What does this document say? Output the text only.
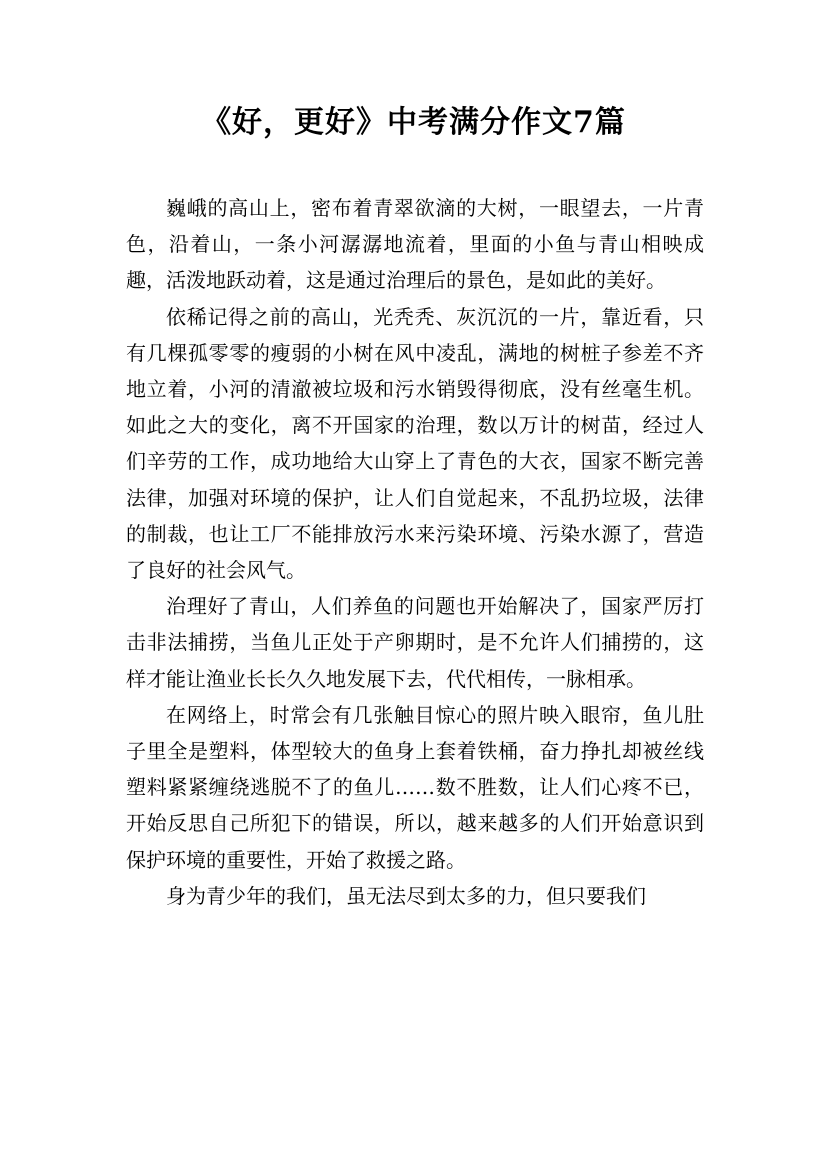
《好，更好》中考满分作文7篇

巍峨的高山上，密布着青翠欲滴的大树，一眼望去，一片青色，沿着山，一条小河潺潺地流着，里面的小鱼与青山相映成趣，活泼地跃动着，这是通过治理后的景色，是如此的美好。

依稀记得之前的高山，光秃秃、灰沉沉的一片，靠近看，只有几棵孤零零的瘦弱的小树在风中凌乱，满地的树桩子参差不齐地立着，小河的清澈被垃圾和污水销毁得彻底，没有丝毫生机。如此之大的变化，离不开国家的治理，数以万计的树苗，经过人们辛劳的工作，成功地给大山穿上了青色的大衣，国家不断完善法律，加强对环境的保护，让人们自觉起来，不乱扔垃圾，法律的制裁，也让工厂不能排放污水来污染环境、污染水源了，营造了良好的社会风气。

治理好了青山，人们养鱼的问题也开始解决了，国家严厉打击非法捕捞，当鱼儿正处于产卵期时，是不允许人们捕捞的，这样才能让渔业长长久久地发展下去，代代相传，一脉相承。

在网络上，时常会有几张触目惊心的照片映入眼帘，鱼儿肚子里全是塑料，体型较大的鱼身上套着铁桶，奋力挣扎却被丝线塑料紧紧缠绕逃脱不了的鱼儿……数不胜数，让人们心疼不已，开始反思自己所犯下的错误，所以，越来越多的人们开始意识到保护环境的重要性，开始了救援之路。

身为青少年的我们，虽无法尽到太多的力，但只要我们
